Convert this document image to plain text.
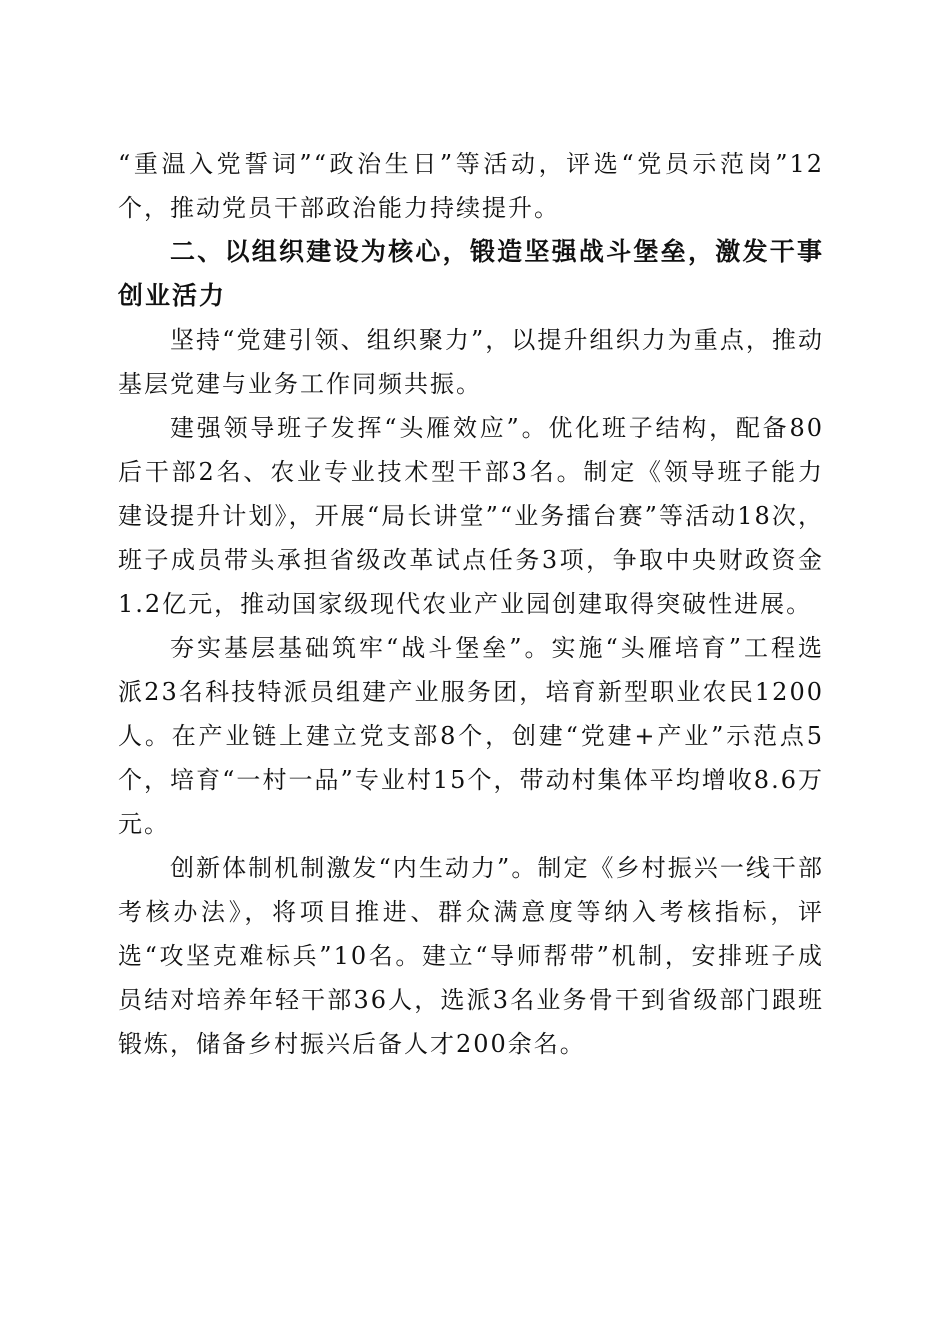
“重温入党誓词”“政治生日”等活动，评选“党员示范岗”12个，推动党员干部政治能力持续提升。

二、以组织建设为核心，锻造坚强战斗堡垒，激发干事创业活力

坚持“党建引领、组织聚力”，以提升组织力为重点，推动基层党建与业务工作同频共振。

建强领导班子发挥“头雁效应”。优化班子结构，配备80后干部2名、农业专业技术型干部3名。制定《领导班子能力建设提升计划》，开展“局长讲堂”“业务擂台赛”等活动18次，班子成员带头承担省级改革试点任务3项，争取中央财政资金1.2亿元，推动国家级现代农业产业园创建取得突破性进展。

夯实基层基础筑牢“战斗堡垒”。实施“头雁培育”工程选派23名科技特派员组建产业服务团，培育新型职业农民1200人。在产业链上建立党支部8个，创建“党建+产业”示范点5个，培育“一村一品”专业村15个，带动村集体平均增收8.6万元。

创新体制机制激发“内生动力”。制定《乡村振兴一线干部考核办法》，将项目推进、群众满意度等纳入考核指标，评选“攻坚克难标兵”10名。建立“导师帮带”机制，安排班子成员结对培养年轻干部36人，选派3名业务骨干到省级部门跟班锻炼，储备乡村振兴后备人才200余名。
